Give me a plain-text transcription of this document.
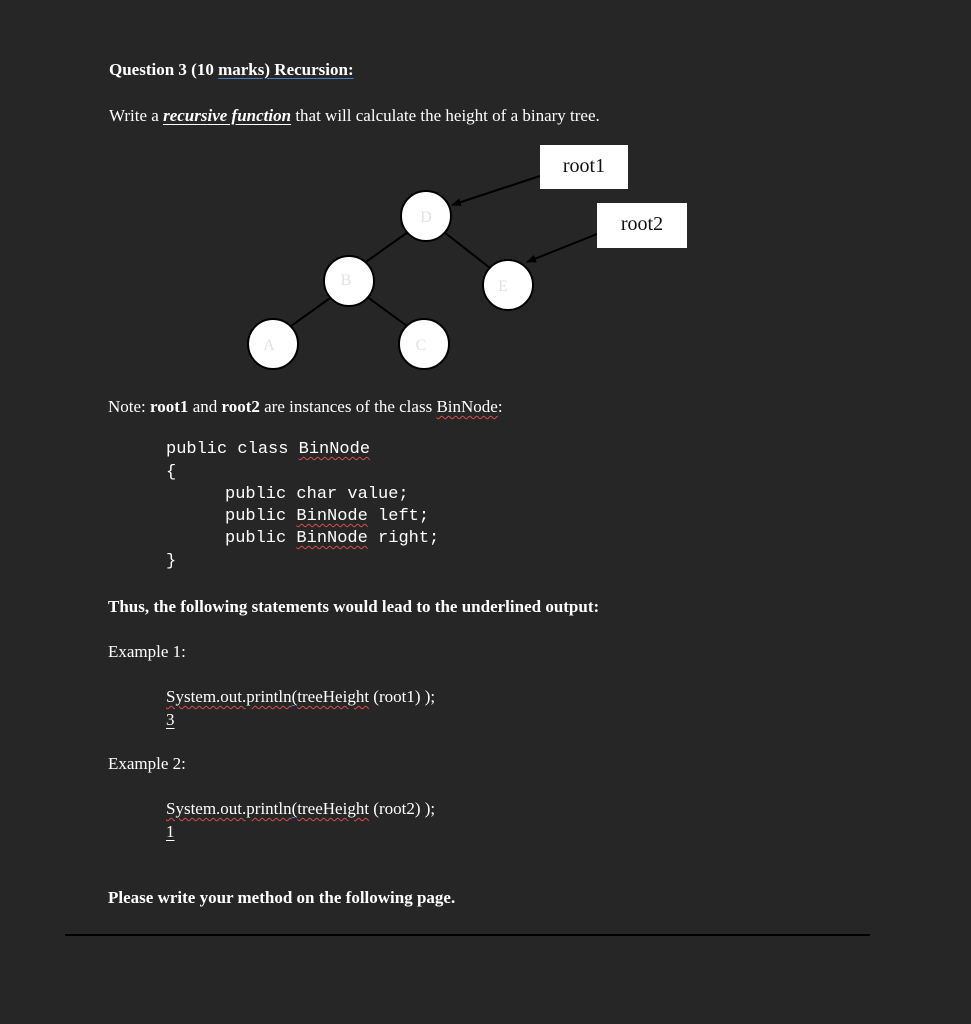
Question 3 (10 marks) Recursion:
Write a recursive function that will calculate the height of a binary tree.
D
B	E
A	C
root1
root2
Note: root1 and root2 are instances of the class BinNode:
public class BinNode
{
public char value;
public BinNode left;
public BinNode right;
}
Thus, the following statements would lead to the underlined output:
Example 1:
System.out.println(treeHeight (root1) );
3
Example 2:
System.out.println(treeHeight (root2) );
1
Please write your method on the following page.
